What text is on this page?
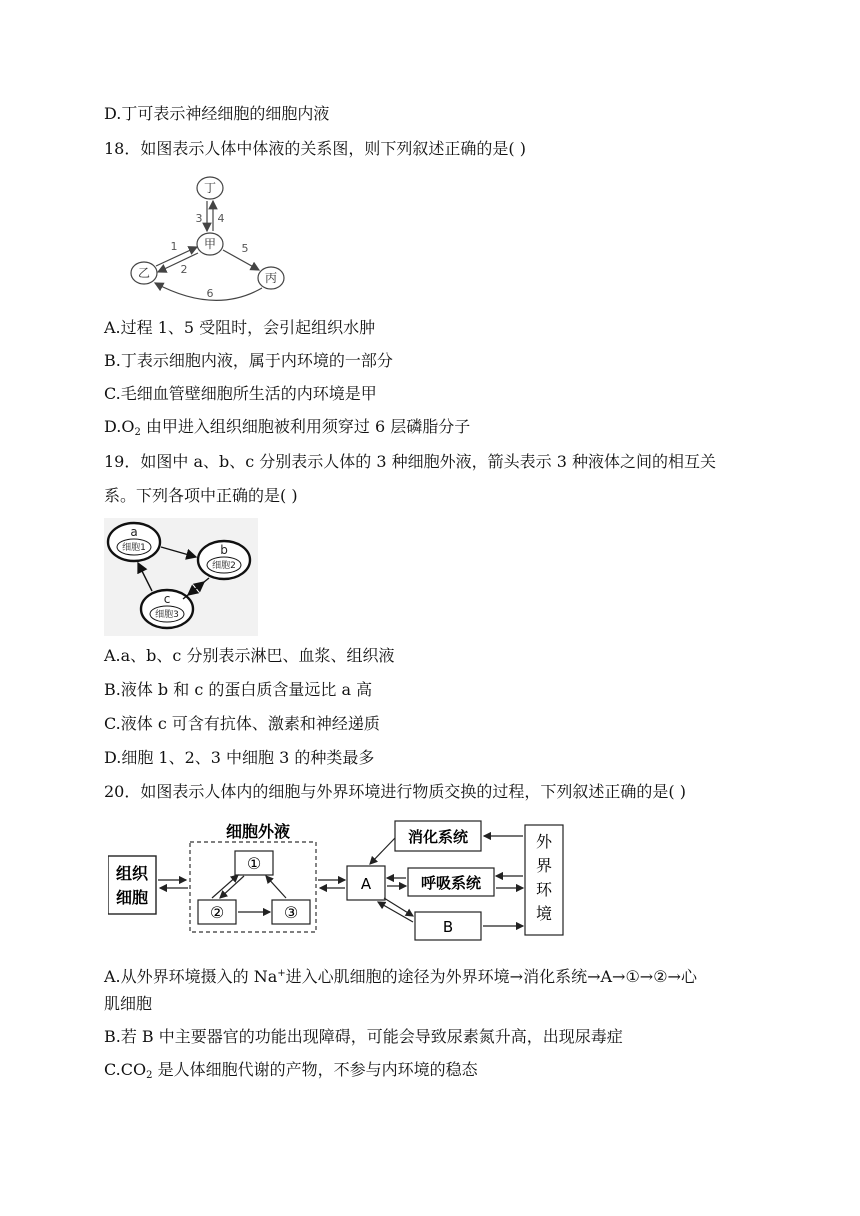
D.丁可表示神经细胞的细胞内液
18．如图表示人体中体液的关系图，则下列叙述正确的是( )
丁
甲
乙	丙
3 4
1
2
5
6
A.过程 1、5 受阻时，会引起组织水肿
B.丁表示细胞内液，属于内环境的一部分
C.毛细血管壁细胞所生活的内环境是甲
$D.O_2$ 由甲进入组织细胞被利用须穿过 6 层磷脂分子
19．如图中 a、b、c 分别表示人体的 3 种细胞外液，箭头表示 3 种液体之间的相互关
系。下列各项中正确的是( )
a
细胞1	b
细胞2
c
细胞3
A.a、b、c 分别表示淋巴、血浆、组织液
B.液体 b 和 c 的蛋白质含量远比 a 高
C.液体 c 可含有抗体、激素和神经递质
D.细胞 1、2、3 中细胞 3 的种类最多
20．如图表示人体内的细胞与外界环境进行物质交换的过程，下列叙述正确的是( )
组织
细胞
细胞外液
①
②	③
A
消化系统
呼吸系统
B
外
界
环
境
A.从外界环境摄入的 Na+进入心肌细胞的途径为外界环境→消化系统→A→①→②→心
肌细胞
B.若 B 中主要器官的功能出现障碍，可能会导致尿素氮升高，出现尿毒症
$C.CO_2$ 是人体细胞代谢的产物，不参与内环境的稳态
